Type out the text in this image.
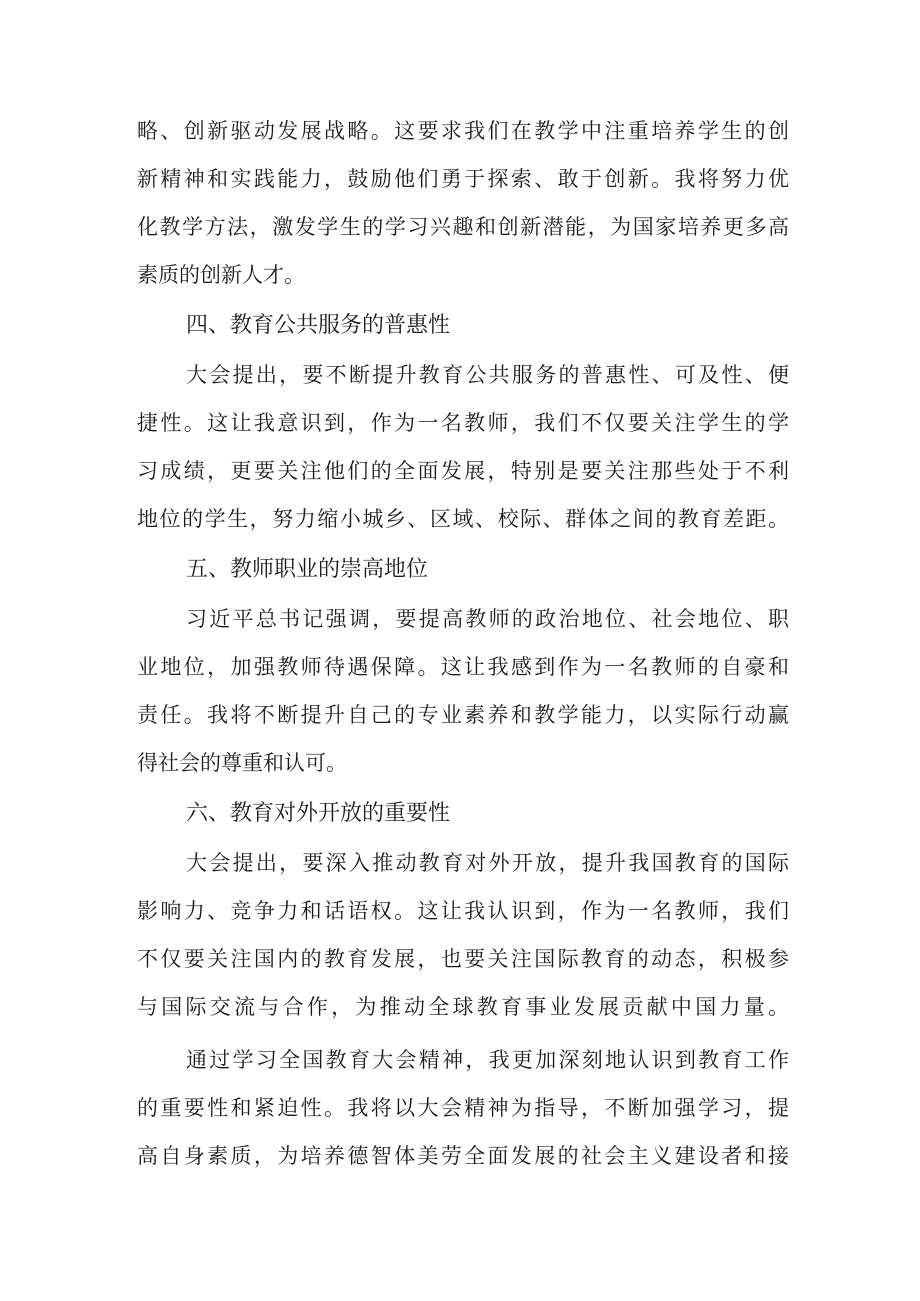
略、创新驱动发展战略。这要求我们在教学中注重培养学生的创
新精神和实践能力，鼓励他们勇于探索、敢于创新。我将努力优
化教学方法，激发学生的学习兴趣和创新潜能，为国家培养更多高
素质的创新人才。
四、教育公共服务的普惠性
大会提出，要不断提升教育公共服务的普惠性、可及性、便
捷性。这让我意识到，作为一名教师，我们不仅要关注学生的学
习成绩，更要关注他们的全面发展，特别是要关注那些处于不利
地位的学生，努力缩小城乡、区域、校际、群体之间的教育差距。
五、教师职业的崇高地位
习近平总书记强调，要提高教师的政治地位、社会地位、职
业地位，加强教师待遇保障。这让我感到作为一名教师的自豪和
责任。我将不断提升自己的专业素养和教学能力，以实际行动赢
得社会的尊重和认可。
六、教育对外开放的重要性
大会提出，要深入推动教育对外开放，提升我国教育的国际
影响力、竞争力和话语权。这让我认识到，作为一名教师，我们
不仅要关注国内的教育发展，也要关注国际教育的动态，积极参
与国际交流与合作，为推动全球教育事业发展贡献中国力量。
通过学习全国教育大会精神，我更加深刻地认识到教育工作
的重要性和紧迫性。我将以大会精神为指导，不断加强学习，提
高自身素质，为培养德智体美劳全面发展的社会主义建设者和接
